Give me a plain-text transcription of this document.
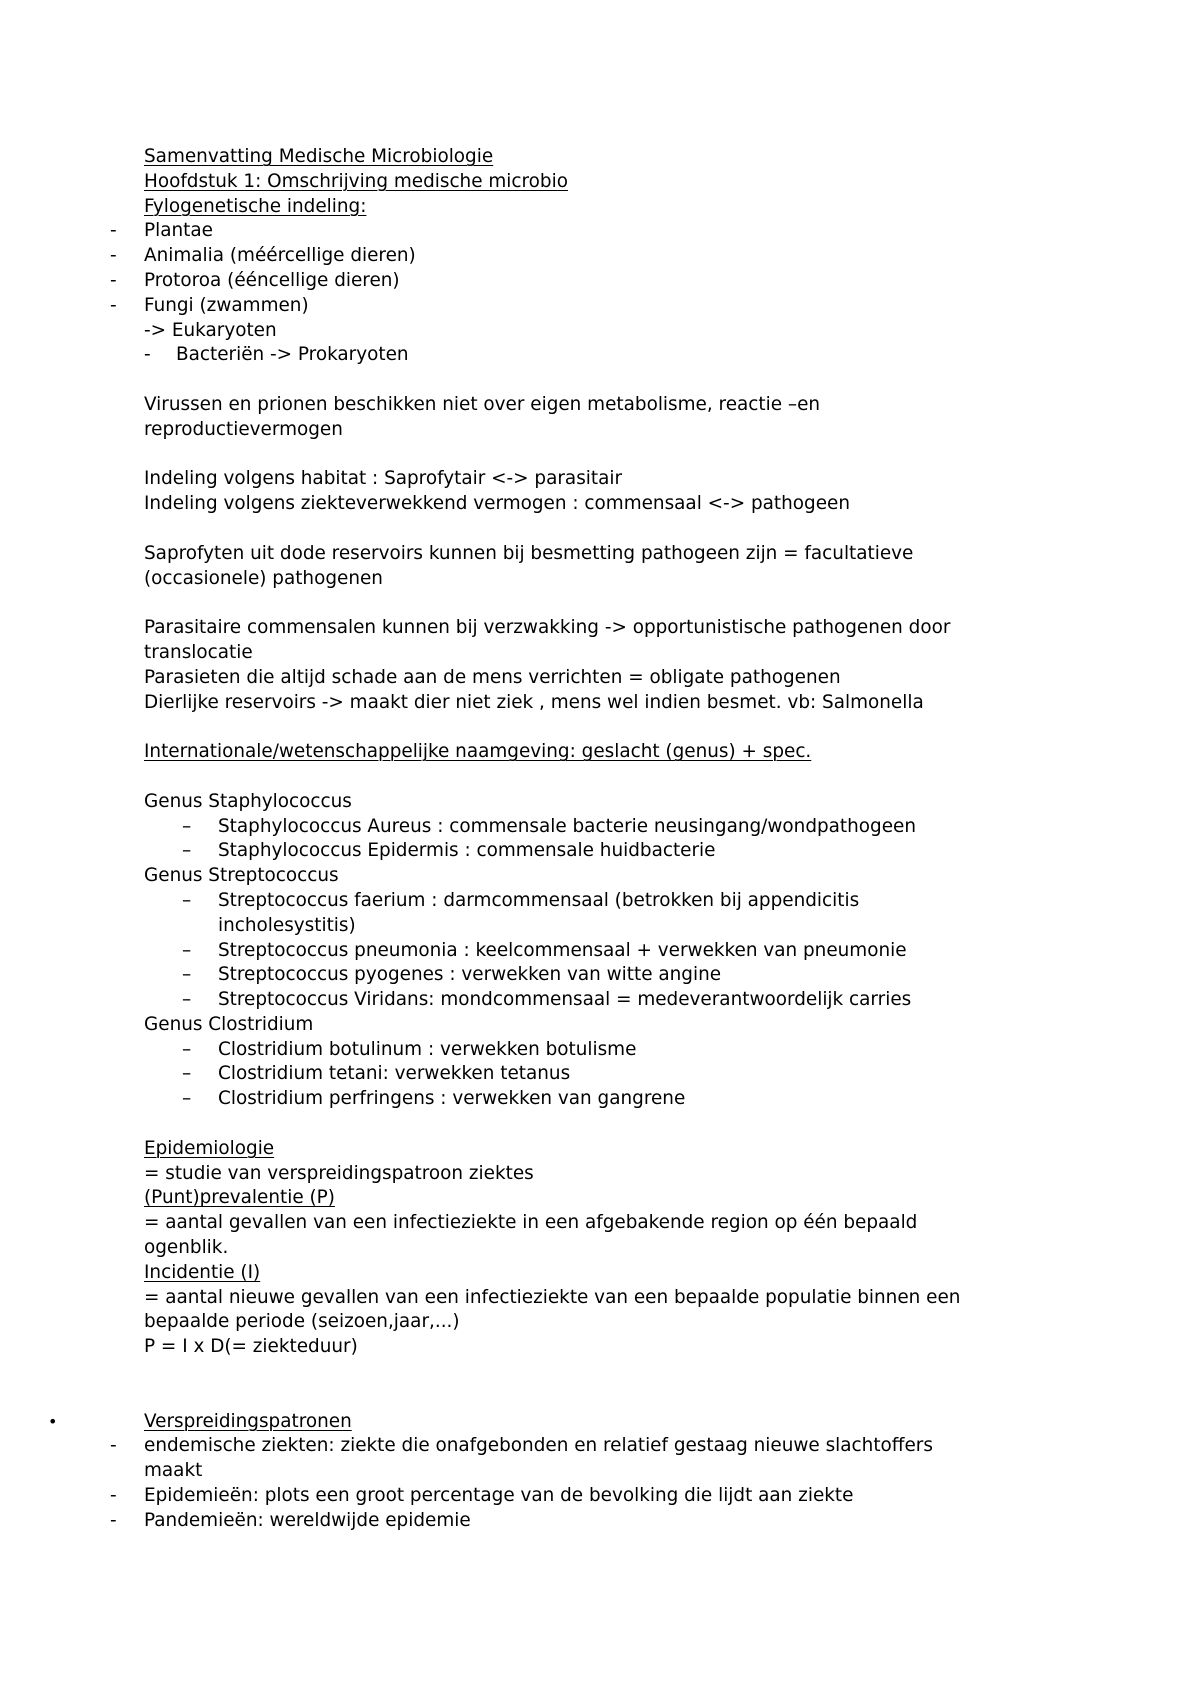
Samenvatting Medische Microbiologie
Hoofdstuk 1: Omschrijving medische microbio
Fylogenetische indeling:
- Plantae
- Animalia (méércellige dieren)
- Protoroa (ééncellige dieren)
- Fungi (zwammen)
-> Eukaryoten
- Bacteriën -> Prokaryoten
Virussen en prionen beschikken niet over eigen metabolisme, reactie –en
reproductievermogen
Indeling volgens habitat : Saprofytair <-> parasitair
Indeling volgens ziekteverwekkend vermogen : commensaal <-> pathogeen
Saprofyten uit dode reservoirs kunnen bij besmetting pathogeen zijn = facultatieve
(occasionele) pathogenen
Parasitaire commensalen kunnen bij verzwakking -> opportunistische pathogenen door
translocatie
Parasieten die altijd schade aan de mens verrichten = obligate pathogenen
Dierlijke reservoirs -> maakt dier niet ziek , mens wel indien besmet. vb: Salmonella
Internationale/wetenschappelijke naamgeving: geslacht (genus) + spec.
Genus Staphylococcus
– Staphylococcus Aureus : commensale bacterie neusingang/wondpathogeen
– Staphylococcus Epidermis : commensale huidbacterie
Genus Streptococcus
– Streptococcus faerium : darmcommensaal (betrokken bij appendicitis
incholesystitis)
– Streptococcus pneumonia : keelcommensaal + verwekken van pneumonie
– Streptococcus pyogenes : verwekken van witte angine
– Streptococcus Viridans: mondcommensaal = medeverantwoordelijk carries
Genus Clostridium
– Clostridium botulinum : verwekken botulisme
– Clostridium tetani: verwekken tetanus
– Clostridium perfringens : verwekken van gangrene
Epidemiologie
= studie van verspreidingspatroon ziektes
(Punt)prevalentie (P)
= aantal gevallen van een infectieziekte in een afgebakende region op één bepaald
ogenblik.
Incidentie (I)
= aantal nieuwe gevallen van een infectieziekte van een bepaalde populatie binnen een
bepaalde periode (seizoen,jaar,...)
P = I x D(= ziekteduur)
•	Verspreidingspatronen
- endemische ziekten: ziekte die onafgebonden en relatief gestaag nieuwe slachtoffers
maakt
- Epidemieën: plots een groot percentage van de bevolking die lijdt aan ziekte
- Pandemieën: wereldwijde epidemie
